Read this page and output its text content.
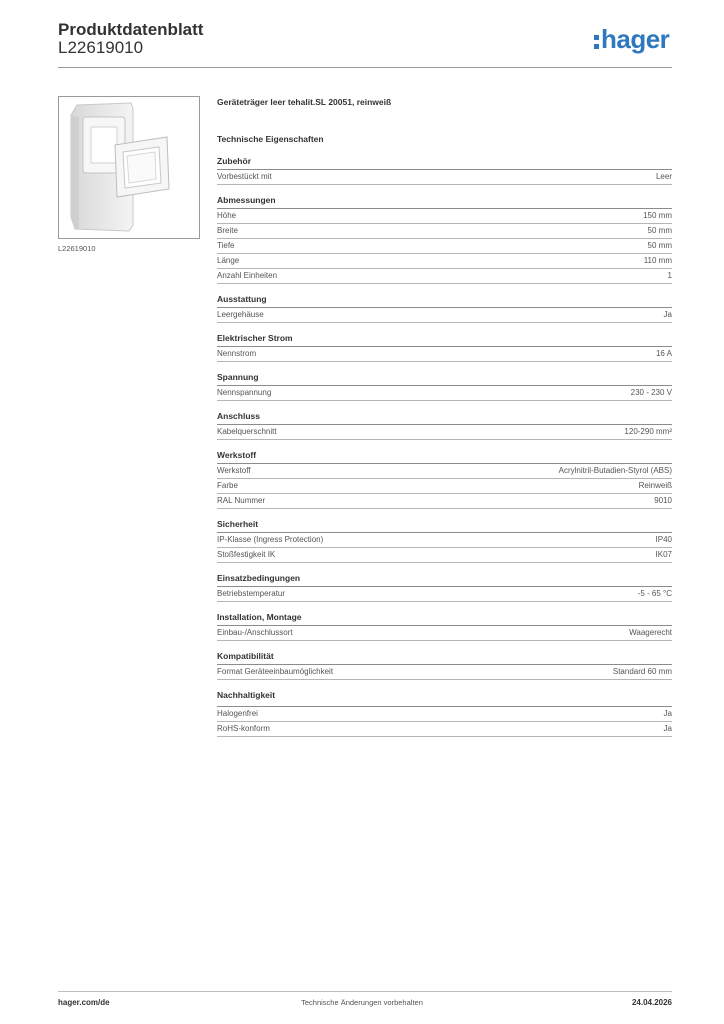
Produktdatenblatt
L22619010	hager
L22619010
Geräteträger leer tehalit.SL 20051, reinweiß
Technische Eigenschaften
Zubehör
Vorbestückt mit	Leer
Abmessungen
Höhe	150 mm
Breite	50 mm
Tiefe	50 mm
Länge	110 mm
Anzahl Einheiten	1
Ausstattung
Leergehäuse	Ja
Elektrischer Strom
Nennstrom	16 A
Spannung
Nennspannung	230 - 230 V
Anschluss
Kabelquerschnitt	120-290 mm²
Werkstoff
Werkstoff	Acrylnitril-Butadien-Styrol (ABS)
Farbe	Reinweiß
RAL Nummer	9010
Sicherheit
IP-Klasse (Ingress Protection)	IP40
Stoßfestigkeit IK	IK07
Einsatzbedingungen
Betriebstemperatur	-5 - 65 °C
Installation, Montage
Einbau-/Anschlussort	Waagerecht
Kompatibilität
Format Geräteeinbaumöglichkeit	Standard 60 mm
Nachhaltigkeit
Halogenfrei	Ja
RoHS-konform	Ja
hager.com/de	Technische Änderungen vorbehalten	24.04.2026
